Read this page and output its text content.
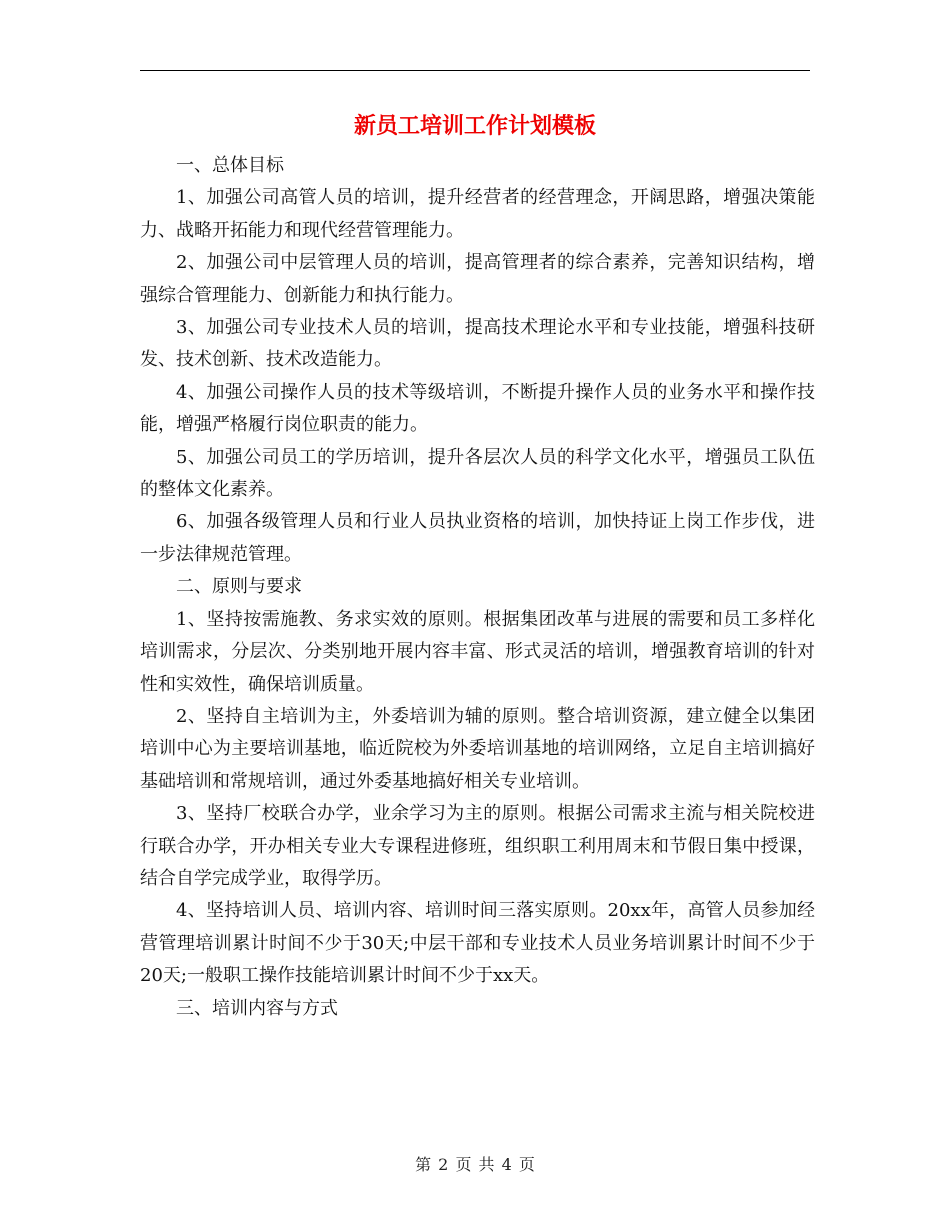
新员工培训工作计划模板

一、总体目标

1、加强公司高管人员的培训，提升经营者的经营理念，开阔思路，增强决策能力、战略开拓能力和现代经营管理能力。

2、加强公司中层管理人员的培训，提高管理者的综合素养，完善知识结构，增强综合管理能力、创新能力和执行能力。

3、加强公司专业技术人员的培训，提高技术理论水平和专业技能，增强科技研发、技术创新、技术改造能力。

4、加强公司操作人员的技术等级培训，不断提升操作人员的业务水平和操作技能，增强严格履行岗位职责的能力。

5、加强公司员工的学历培训，提升各层次人员的科学文化水平，增强员工队伍的整体文化素养。

6、加强各级管理人员和行业人员执业资格的培训，加快持证上岗工作步伐，进一步法律规范管理。

二、原则与要求

1、坚持按需施教、务求实效的原则。根据集团改革与进展的需要和员工多样化培训需求，分层次、分类别地开展内容丰富、形式灵活的培训，增强教育培训的针对性和实效性，确保培训质量。

2、坚持自主培训为主，外委培训为辅的原则。整合培训资源，建立健全以集团培训中心为主要培训基地，临近院校为外委培训基地的培训网络，立足自主培训搞好基础培训和常规培训，通过外委基地搞好相关专业培训。

3、坚持厂校联合办学，业余学习为主的原则。根据公司需求主流与相关院校进行联合办学，开办相关专业大专课程进修班，组织职工利用周末和节假日集中授课，结合自学完成学业，取得学历。

4、坚持培训人员、培训内容、培训时间三落实原则。20xx年，高管人员参加经营管理培训累计时间不少于30天;中层干部和专业技术人员业务培训累计时间不少于20天;一般职工操作技能培训累计时间不少于xx天。

三、培训内容与方式

第 2 页 共 4 页
